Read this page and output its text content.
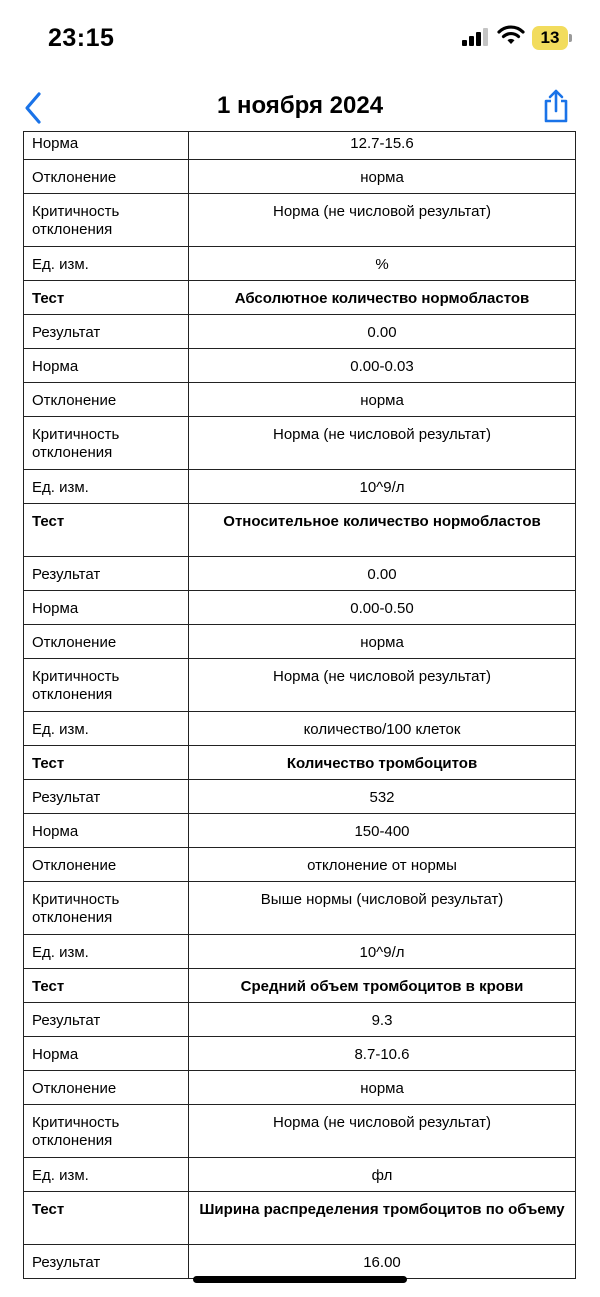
23:15	13
1 ноября 2024
Норма	12.7-15.6
Отклонение	норма
Критичность отклонения	Норма (не числовой результат)
Ед. изм.	%
Тест	Абсолютное количество нормобластов
Результат	0.00
Норма	0.00-0.03
Отклонение	норма
Критичность отклонения	Норма (не числовой результат)
Ед. изм.	10^9/л
Тест	Относительное количество нормобластов
Результат	0.00
Норма	0.00-0.50
Отклонение	норма
Критичность отклонения	Норма (не числовой результат)
Ед. изм.	количество/100 клеток
Тест	Количество тромбоцитов
Результат	532
Норма	150-400
Отклонение	отклонение от нормы
Критичность отклонения	Выше нормы (числовой результат)
Ед. изм.	10^9/л
Тест	Средний объем тромбоцитов в крови
Результат	9.3
Норма	8.7-10.6
Отклонение	норма
Критичность отклонения	Норма (не числовой результат)
Ед. изм.	фл
Тест	Ширина распределения тромбоцитов по объему
Результат	16.00
